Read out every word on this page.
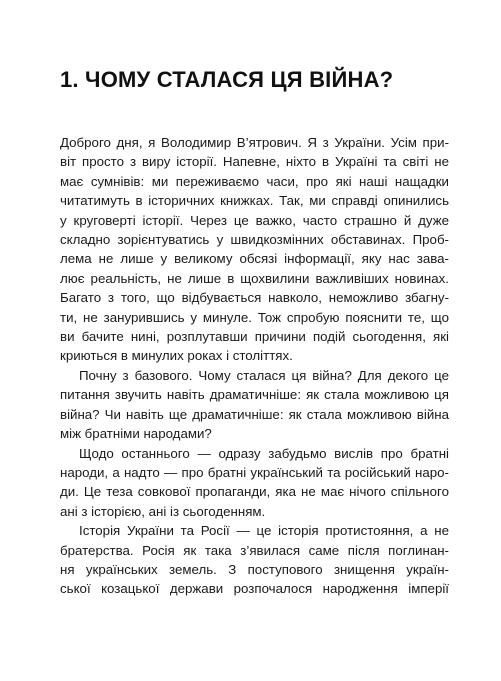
1. ЧОМУ СТАЛАСЯ ЦЯ ВІЙНА?

Доброго дня, я Володимир В’ятрович. Я з України. Усім при-
віт просто з виру історії. Напевне, ніхто в Україні та світі не
має сумнівів: ми переживаємо часи, про які наші нащадки
читатимуть в історичних книжках. Так, ми справді опинились
у круговерті історії. Через це важко, часто страшно й дуже
складно зорієнтуватись у швидкозмінних обставинах. Проб-
лема не лише у великому обсязі інформації, яку нас зава-
лює реальність, не лише в щохвилини важливіших новинах.
Багато з того, що відбувається навколо, неможливо збагну-
ти, не занурившись у минуле. Тож спробую пояснити те, що
ви бачите нині, розплутавши причини подій сьогодення, які
криються в минулих роках і століттях.

Почну з базового. Чому сталася ця війна? Для декого це
питання звучить навіть драматичніше: як стала можливою ця
війна? Чи навіть ще драматичніше: як стала можливою війна
між братніми народами?

Щодо останнього — одразу забудьмо вислів про братні
народи, а надто — про братні український та російський наро-
ди. Це теза совкової пропаганди, яка не має нічого спільного
ані з історією, ані із сьогоденням.

Історія України та Росії — це історія протистояння, а не
братерства. Росія як така з’явилася саме після поглинан-
ня українських земель. З поступового знищення україн-
ської козацької держави розпочалося народження імперії
